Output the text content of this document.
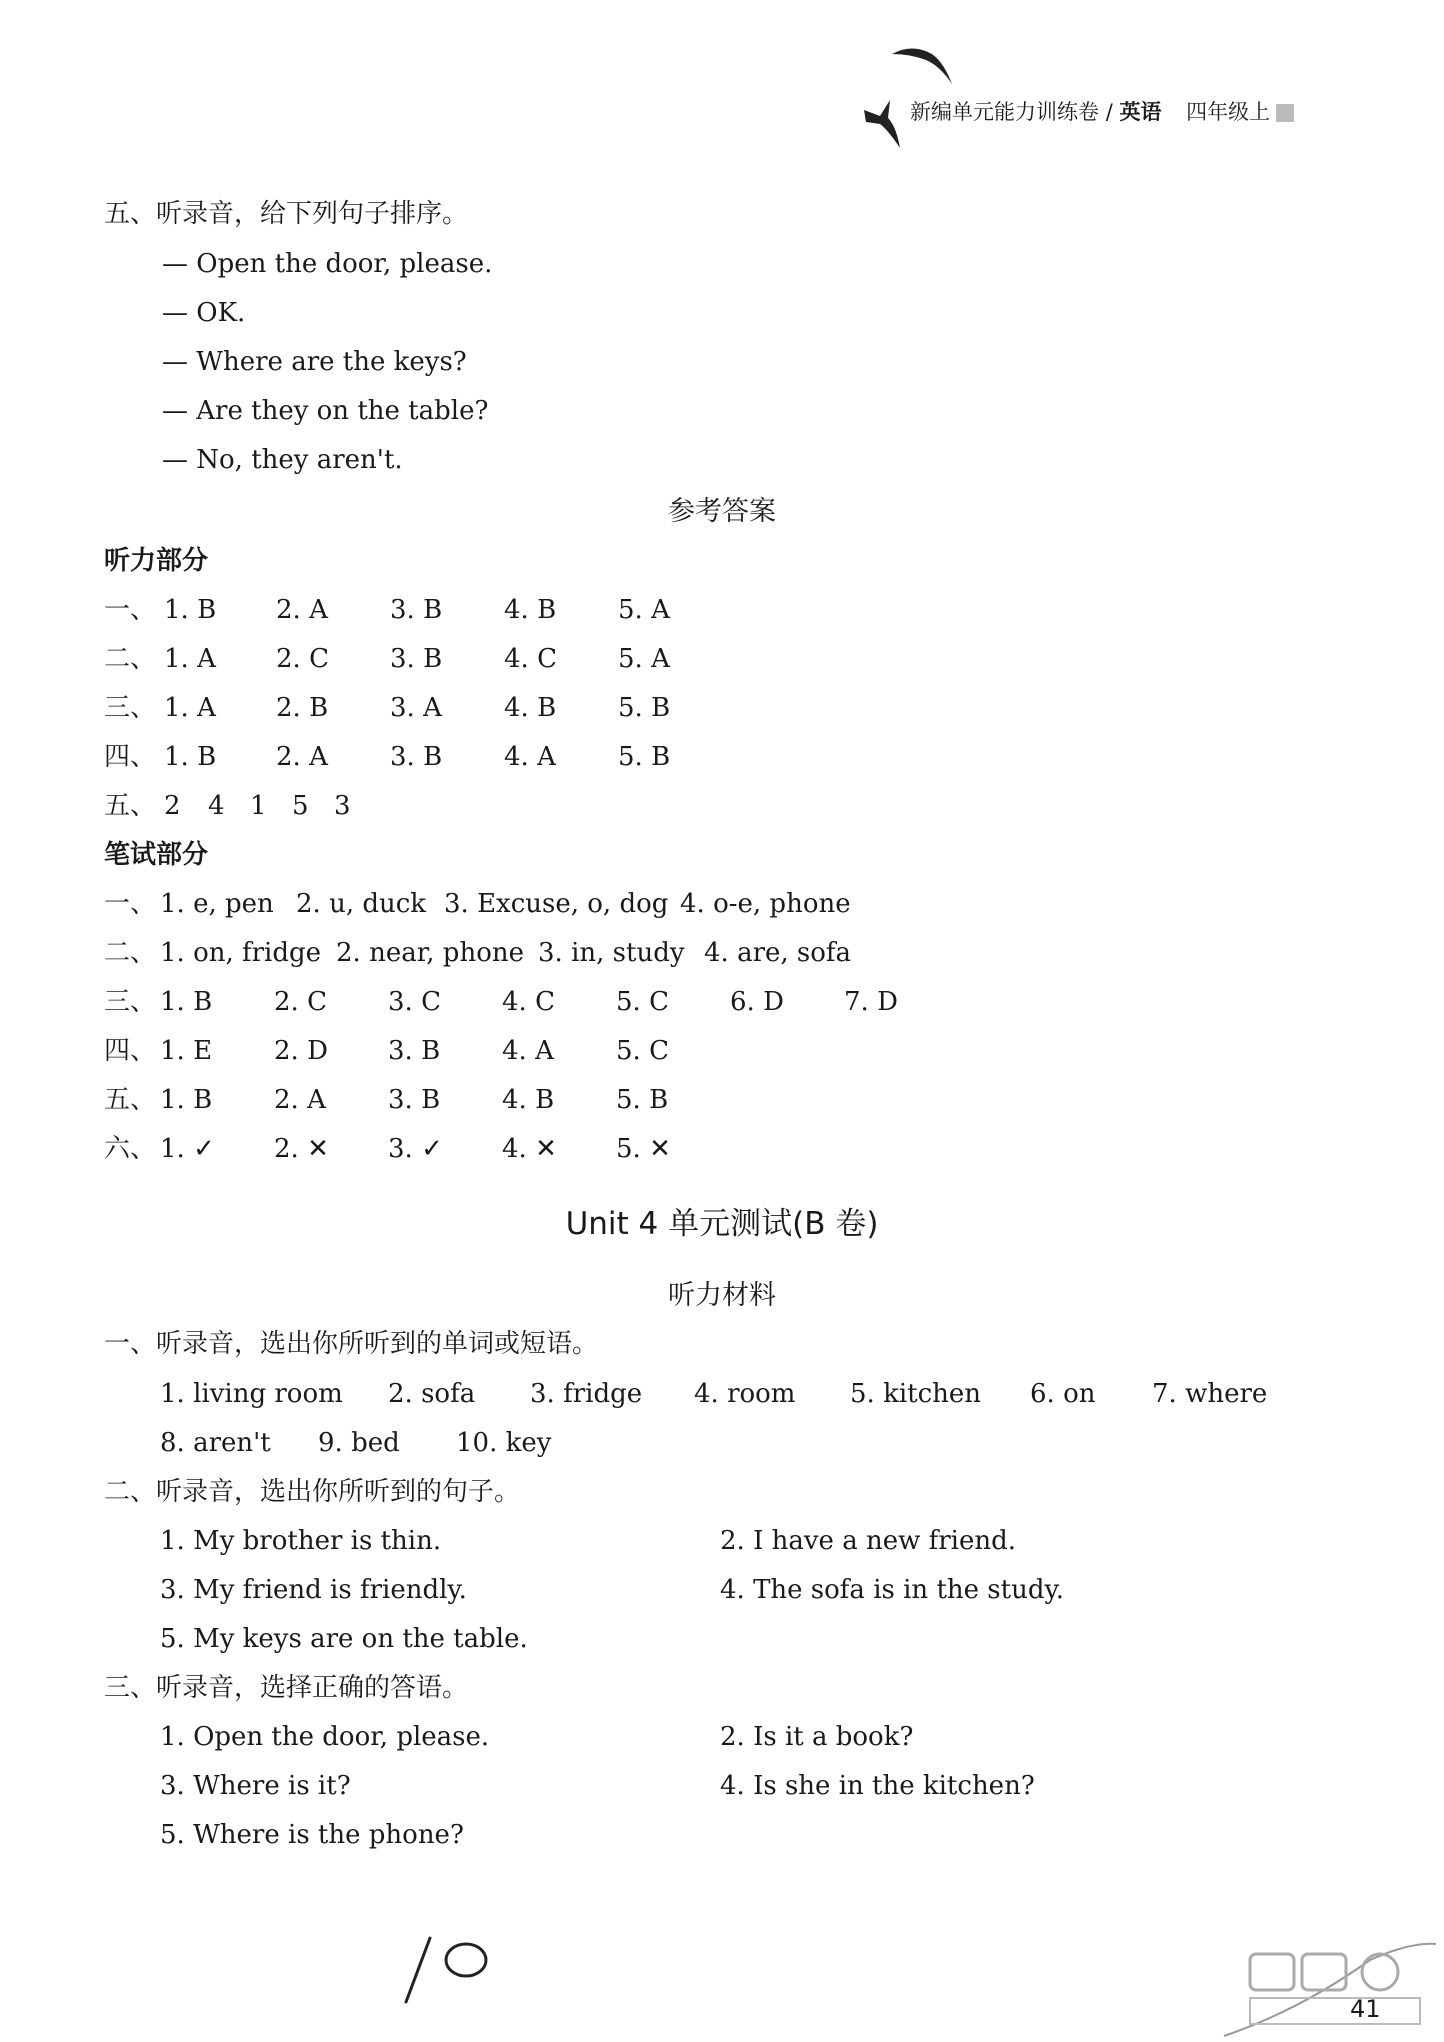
新编单元能力训练卷 / 英语 四年级上
五、听录音，给下列句子排序。
— Open the door, please.
— OK.
— Where are the keys?
— Are they on the table?
— No, they aren't.
参考答案
听力部分
一、 1. B 2. A 3. B 4. B 5. A
二、 1. A 2. C 3. B 4. C 5. A
三、 1. A 2. B 3. A 4. B 5. B
四、 1. B 2. A 3. B 4. A 5. B
五、 2 4 1 5 3
笔试部分
一、 1. e, pen 2. u, duck 3. Excuse, o, dog 4. o-e, phone
二、 1. on, fridge 2. near, phone 3. in, study 4. are, sofa
三、 1. B 2. C 3. C 4. C 5. C 6. D 7. D
四、 1. E 2. D 3. B 4. A 5. C
五、 1. B 2. A 3. B 4. B 5. B
六、 1. ✓ 2. ✕ 3. ✓ 4. ✕ 5. ✕
Unit 4 单元测试(B 卷)
听力材料
一、听录音，选出你所听到的单词或短语。
1. living room 2. sofa 3. fridge 4. room 5. kitchen 6. on 7. where
8. aren't 9. bed 10. key
二、听录音，选出你所听到的句子。
1. My brother is thin.	2. I have a new friend.
3. My friend is friendly.	4. The sofa is in the study.
5. My keys are on the table.
三、听录音，选择正确的答语。
1. Open the door, please.	2. Is it a book?
3. Where is it?	4. Is she in the kitchen?
5. Where is the phone?
41
